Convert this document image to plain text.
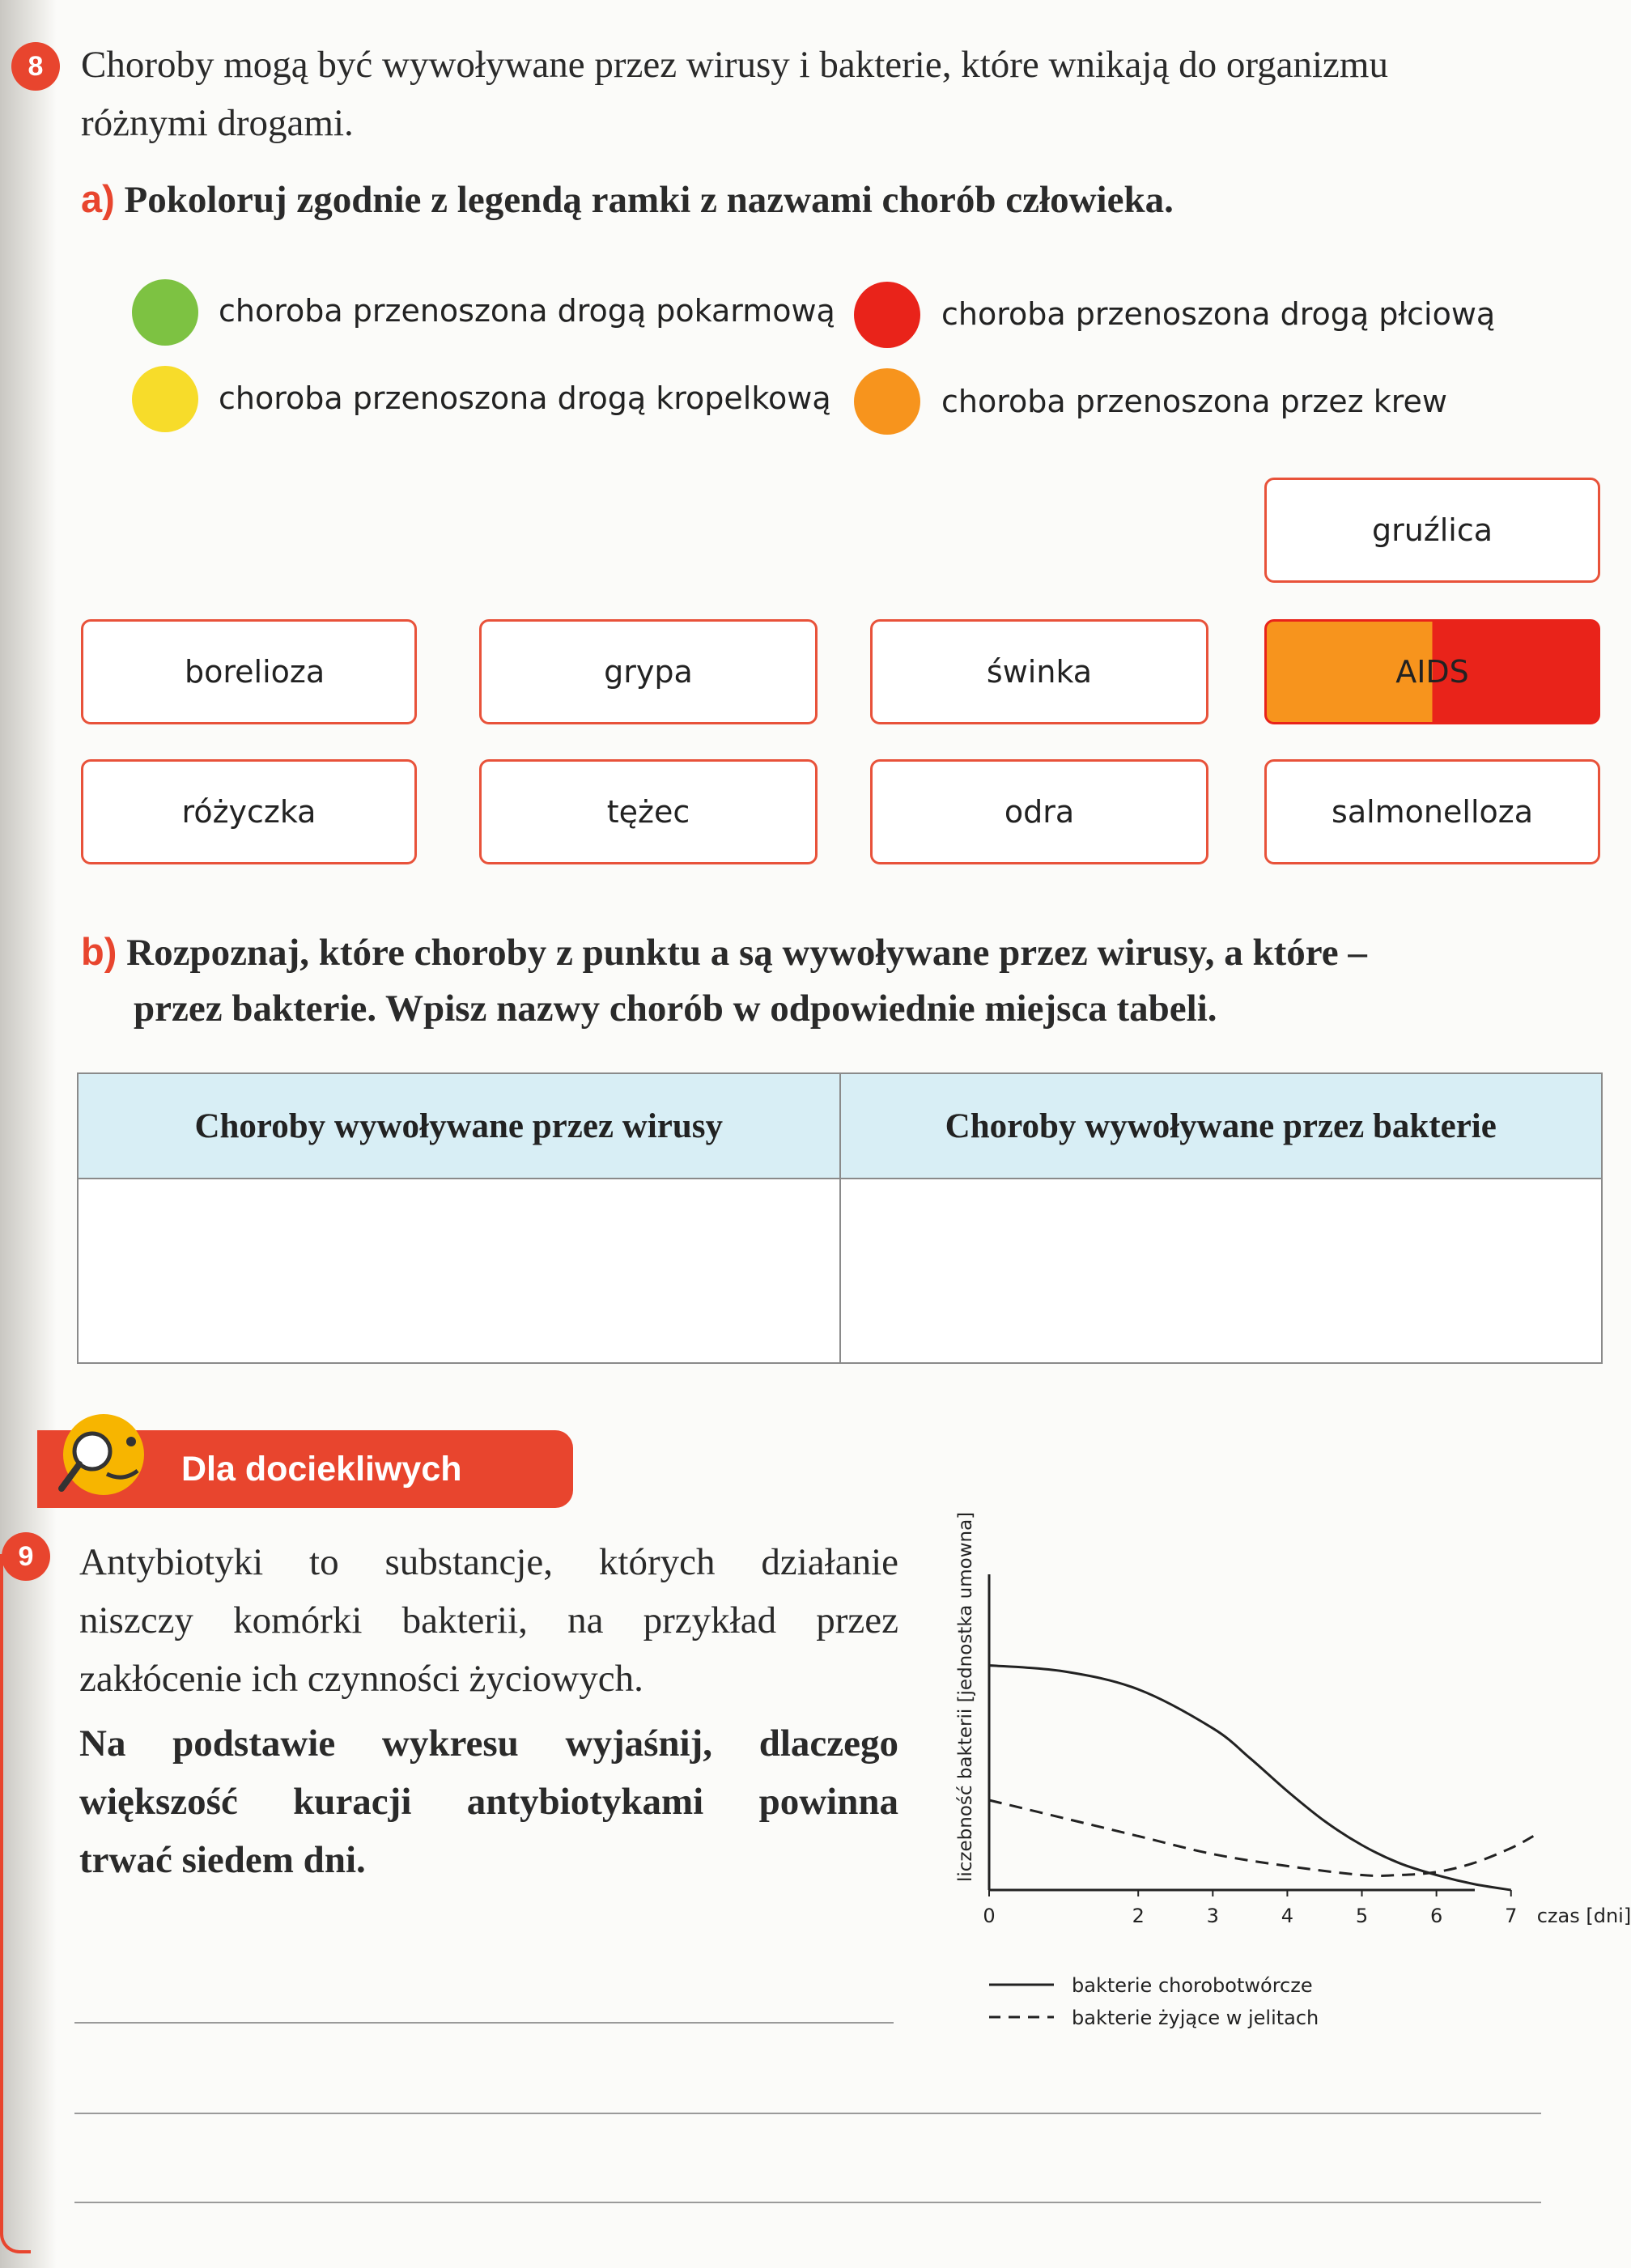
8 Choroby mogą być wywoływane przez wirusy i bakterie, które wnikają do organizmu
różnymi drogami.
a) Pokoloruj zgodnie z legendą ramki z nazwami chorób człowieka.
choroba przenoszona drogą pokarmową
choroba przenoszona drogą kropelkową
choroba przenoszona drogą płciową
choroba przenoszona przez krew
gruźlica
borelioza	grypa	świnka	AIDS
różyczka	tężec	odra	salmonelloza
b) Rozpoznaj, które choroby z punktu a są wywoływane przez wirusy, a które –
przez bakterie. Wpisz nazwy chorób w odpowiednie miejsca tabeli.
Choroby wywoływane przez wirusy	Choroby wywoływane przez bakterie

Dla dociekliwych
9	Antybiotyki to substancje, których działanie
niszczy komórki bakterii, na przykład przez
zakłócenie ich czynności życiowych.
Na podstawie wykresu wyjaśnij, dlaczego
większość kuracji antybiotykami powinna
trwać siedem dni.
0	2	3	4	5	6	7
liczebność bakterii [jednostka umowna]
czas [dni]
bakterie chorobotwórcze
bakterie żyjące w jelitach
